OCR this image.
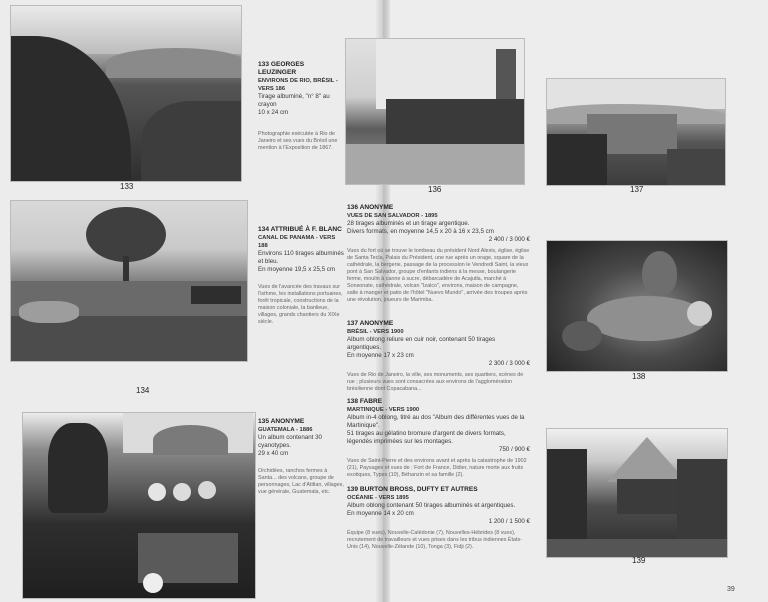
133
134
133 GEORGES LEUZINGER
ENVIRONS DE RIO, BRÉSIL - VERS 186
Tirage albuminé, "n° 8" au crayon
10 x 24 cm
Photographie exécutée à Rio de Janeiro et ses vues du Brésil une mention à l'Exposition de 1867.
134 ATTRIBUÉ À F. BLANC
CANAL DE PANAMA - VERS 188
Environs 110 tirages albuminés et bleu.
En moyenne 19,5 x 25,5 cm
Vues de l'avancée des travaux sur l'isthme, les installations portuaires, forêt tropicale, constructions de la maison coloniale, la banlieue, villages, grands chantiers du XIXe siècle.
135 ANONYME
GUATEMALA - 1886
Un album contenant 30 cyanotypes.
29 x 40 cm
Orchidées, ranchos fermes à Santa... des volcans, groupe de personnages, Lac d'Atitlan, villages, vue générale, Guatemala, etc.
136	137
138
139
136 ANONYME
VUES DE SAN SALVADOR - 1895
28 tirages albuminés et un tirage argentique.
Divers formats, en moyenne 14,5 x 20 à 16 x 23,5 cm
2 400 / 3 000 €
Vues du fort où se trouve le tombeau du président Nord Alexis, église, église de Santa Tecla, Palais du Président, une rue après un orage, square de la cathédrale, la bergerie, passage de la procession le Vendredi Saint, la vieux pont à San Salvador, groupe d'enfants indiens à la messe, boulangerie ferme, moulin à canne à sucre, débarcadère de Acajutla, marché à Sonsonate, cathédrale, volcan "Izalco", environs, maison de campagne, salle à manger et patio de l'hôtel "Nuevo Mundo", arrivée des troupes après une révolution, joueurs de Marimba.
137 ANONYME
BRÉSIL - VERS 1900
Album oblong reliure en cuir noir, contenant 50 tirages argentiques.
En moyenne 17 x 23 cm
2 300 / 3 000 €
Vues de Rio de Janeiro, la ville, ses monuments, ses quartiers, scènes de rue ; plusieurs vues sont consacrées aux environs de l'agglomération brésilienne dont Copacabana...
138 FABRE
MARTINIQUE - VERS 1900
Album in-4 oblong, titré au dos "Album des différentes vues de la Martinique".
51 tirages au gélatino bromure d'argent de divers formats, légendés imprimées sur les montages.
750 / 900 €
Vues de Saint-Pierre et des environs avant et après la catastrophe de 1902 (21), Paysages et vues de : Fort de France, Didier, nature morte aux fruits exotiques, Types (10), Béhanzin et sa famille (2).
139 BURTON BROSS, DUFTY ET AUTRES
OCÉANIE - VERS 1895
Album oblong contenant 50 tirages albuminés et argentiques.
En moyenne 14 x 20 cm
1 200 / 1 500 €
Équipe (8 vues), Nouvelle-Calédonie (7), Nouvelles-Hébrides (8 vues), recrutement de travailleurs et vues prises dans les tribus indiennes États-Unis (14), Nouvelle-Zélande (10), Tonga (3), Fidji (2).
39
